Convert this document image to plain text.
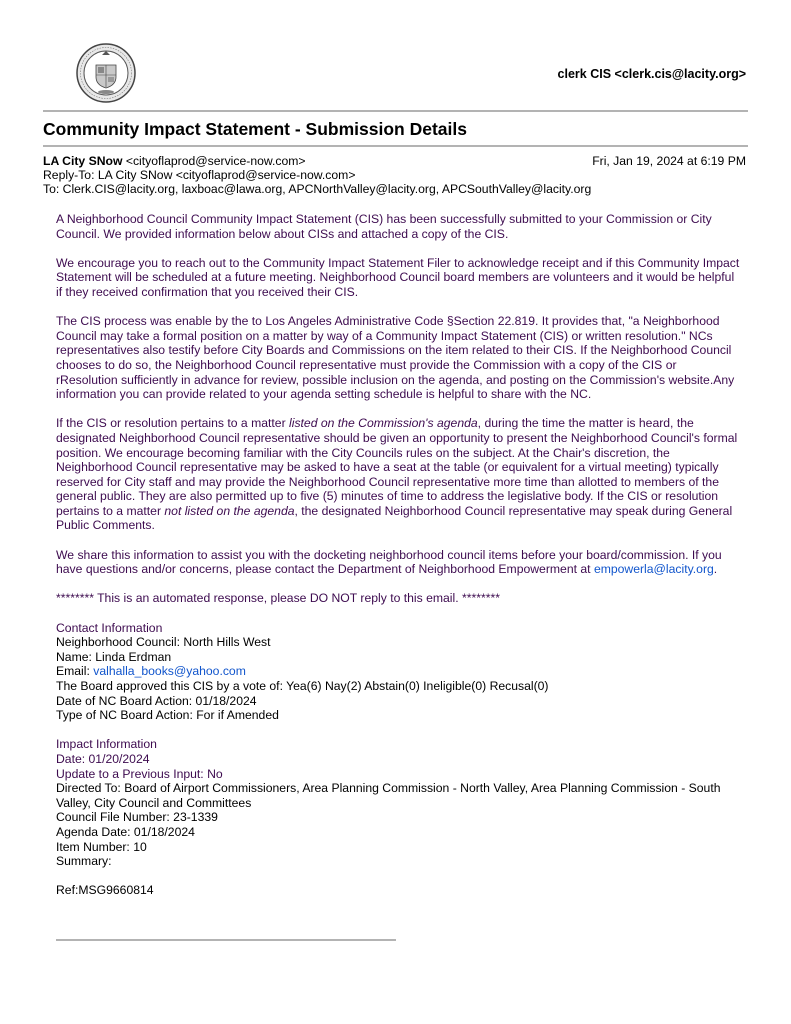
clerk CIS <clerk.cis@lacity.org>
Community Impact Statement - Submission Details
LA City SNow <cityoflaprod@service-now.com>	Fri, Jan 19, 2024 at 6:19 PM
Reply-To: LA City SNow <cityoflaprod@service-now.com>
To: Clerk.CIS@lacity.org, laxboac@lawa.org, APCNorthValley@lacity.org, APCSouthValley@lacity.org

A Neighborhood Council Community Impact Statement (CIS) has been successfully submitted to your Commission or City Council. We provided information below about CISs and attached a copy of the CIS.

We encourage you to reach out to the Community Impact Statement Filer to acknowledge receipt and if this Community Impact Statement will be scheduled at a future meeting. Neighborhood Council board members are volunteers and it would be helpful if they received confirmation that you received their CIS.

The CIS process was enable by the to Los Angeles Administrative Code §Section 22.819. It provides that, "a Neighborhood Council may take a formal position on a matter by way of a Community Impact Statement (CIS) or written resolution." NCs representatives also testify before City Boards and Commissions on the item related to their CIS. If the Neighborhood Council chooses to do so, the Neighborhood Council representative must provide the Commission with a copy of the CIS or rResolution sufficiently in advance for review, possible inclusion on the agenda, and posting on the Commission's website.Any information you can provide related to your agenda setting schedule is helpful to share with the NC.

If the CIS or resolution pertains to a matter listed on the Commission's agenda, during the time the matter is heard, the designated Neighborhood Council representative should be given an opportunity to present the Neighborhood Council's formal position. We encourage becoming familiar with the City Councils rules on the subject. At the Chair's discretion, the Neighborhood Council representative may be asked to have a seat at the table (or equivalent for a virtual meeting) typically reserved for City staff and may provide the Neighborhood Council representative more time than allotted to members of the general public. They are also permitted up to five (5) minutes of time to address the legislative body. If the CIS or resolution pertains to a matter not listed on the agenda, the designated Neighborhood Council representative may speak during General Public Comments.

We share this information to assist you with the docketing neighborhood council items before your board/commission. If you have questions and/or concerns, please contact the Department of Neighborhood Empowerment at empowerla@lacity.org.

******** This is an automated response, please DO NOT reply to this email. ********

Contact Information
Neighborhood Council: North Hills West
Name: Linda Erdman
Email: valhalla_books@yahoo.com
The Board approved this CIS by a vote of: Yea(6) Nay(2) Abstain(0) Ineligible(0) Recusal(0)
Date of NC Board Action: 01/18/2024
Type of NC Board Action: For if Amended
Impact Information
Date: 01/20/2024
Update to a Previous Input: No
Directed To: Board of Airport Commissioners, Area Planning Commission - North Valley, Area Planning Commission - South Valley, City Council and Committees
Council File Number: 23-1339
Agenda Date: 01/18/2024
Item Number: 10
Summary:
Ref:MSG9660814
